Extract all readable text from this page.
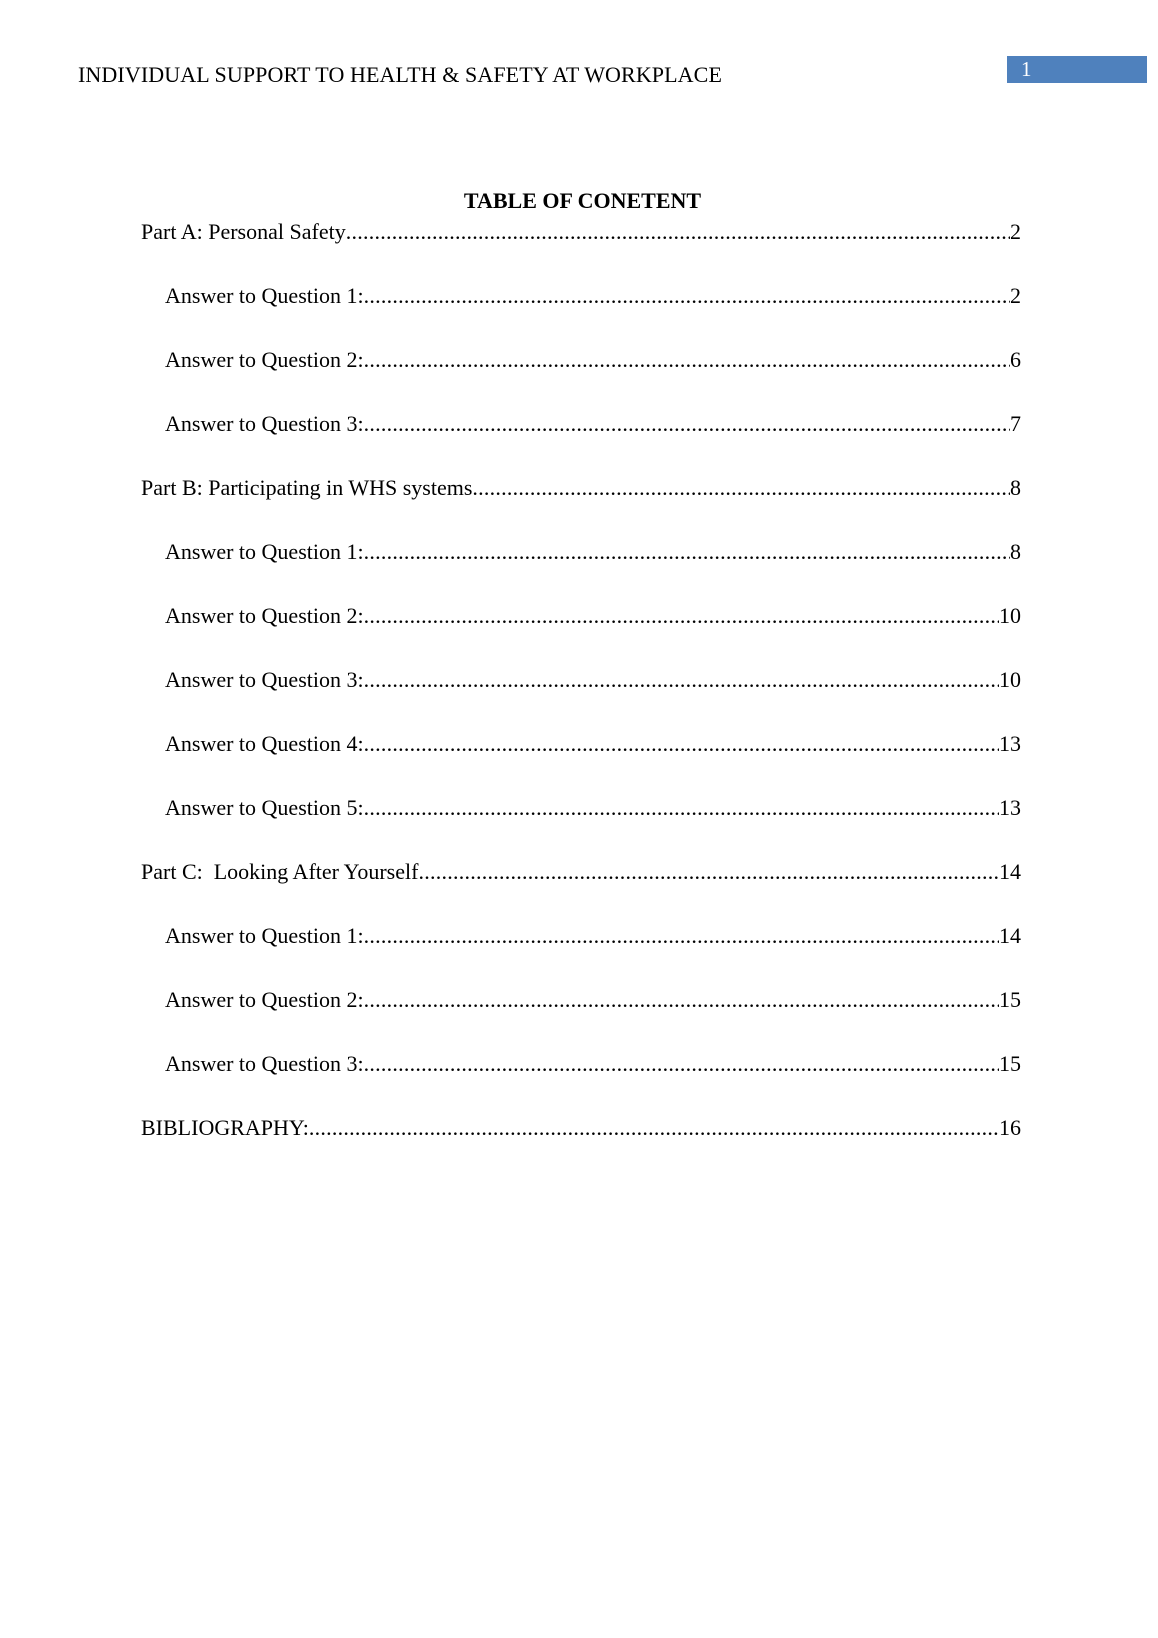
INDIVIDUAL SUPPORT TO HEALTH & SAFETY AT WORKPLACE	1
TABLE OF CONETENT
Part A: Personal Safety .....	2
Answer to Question 1: .....	2
Answer to Question 2: .....	6
Answer to Question 3: .....	7
Part B: Participating in WHS systems .....	8
Answer to Question 1: .....	8
Answer to Question 2: .....	10
Answer to Question 3: .....	10
Answer to Question 4: .....	13
Answer to Question 5: .....	13
Part C:  Looking After Yourself .....	14
Answer to Question 1: .....	14
Answer to Question 2: .....	15
Answer to Question 3: .....	15
BIBLIOGRAPHY: .....	16
